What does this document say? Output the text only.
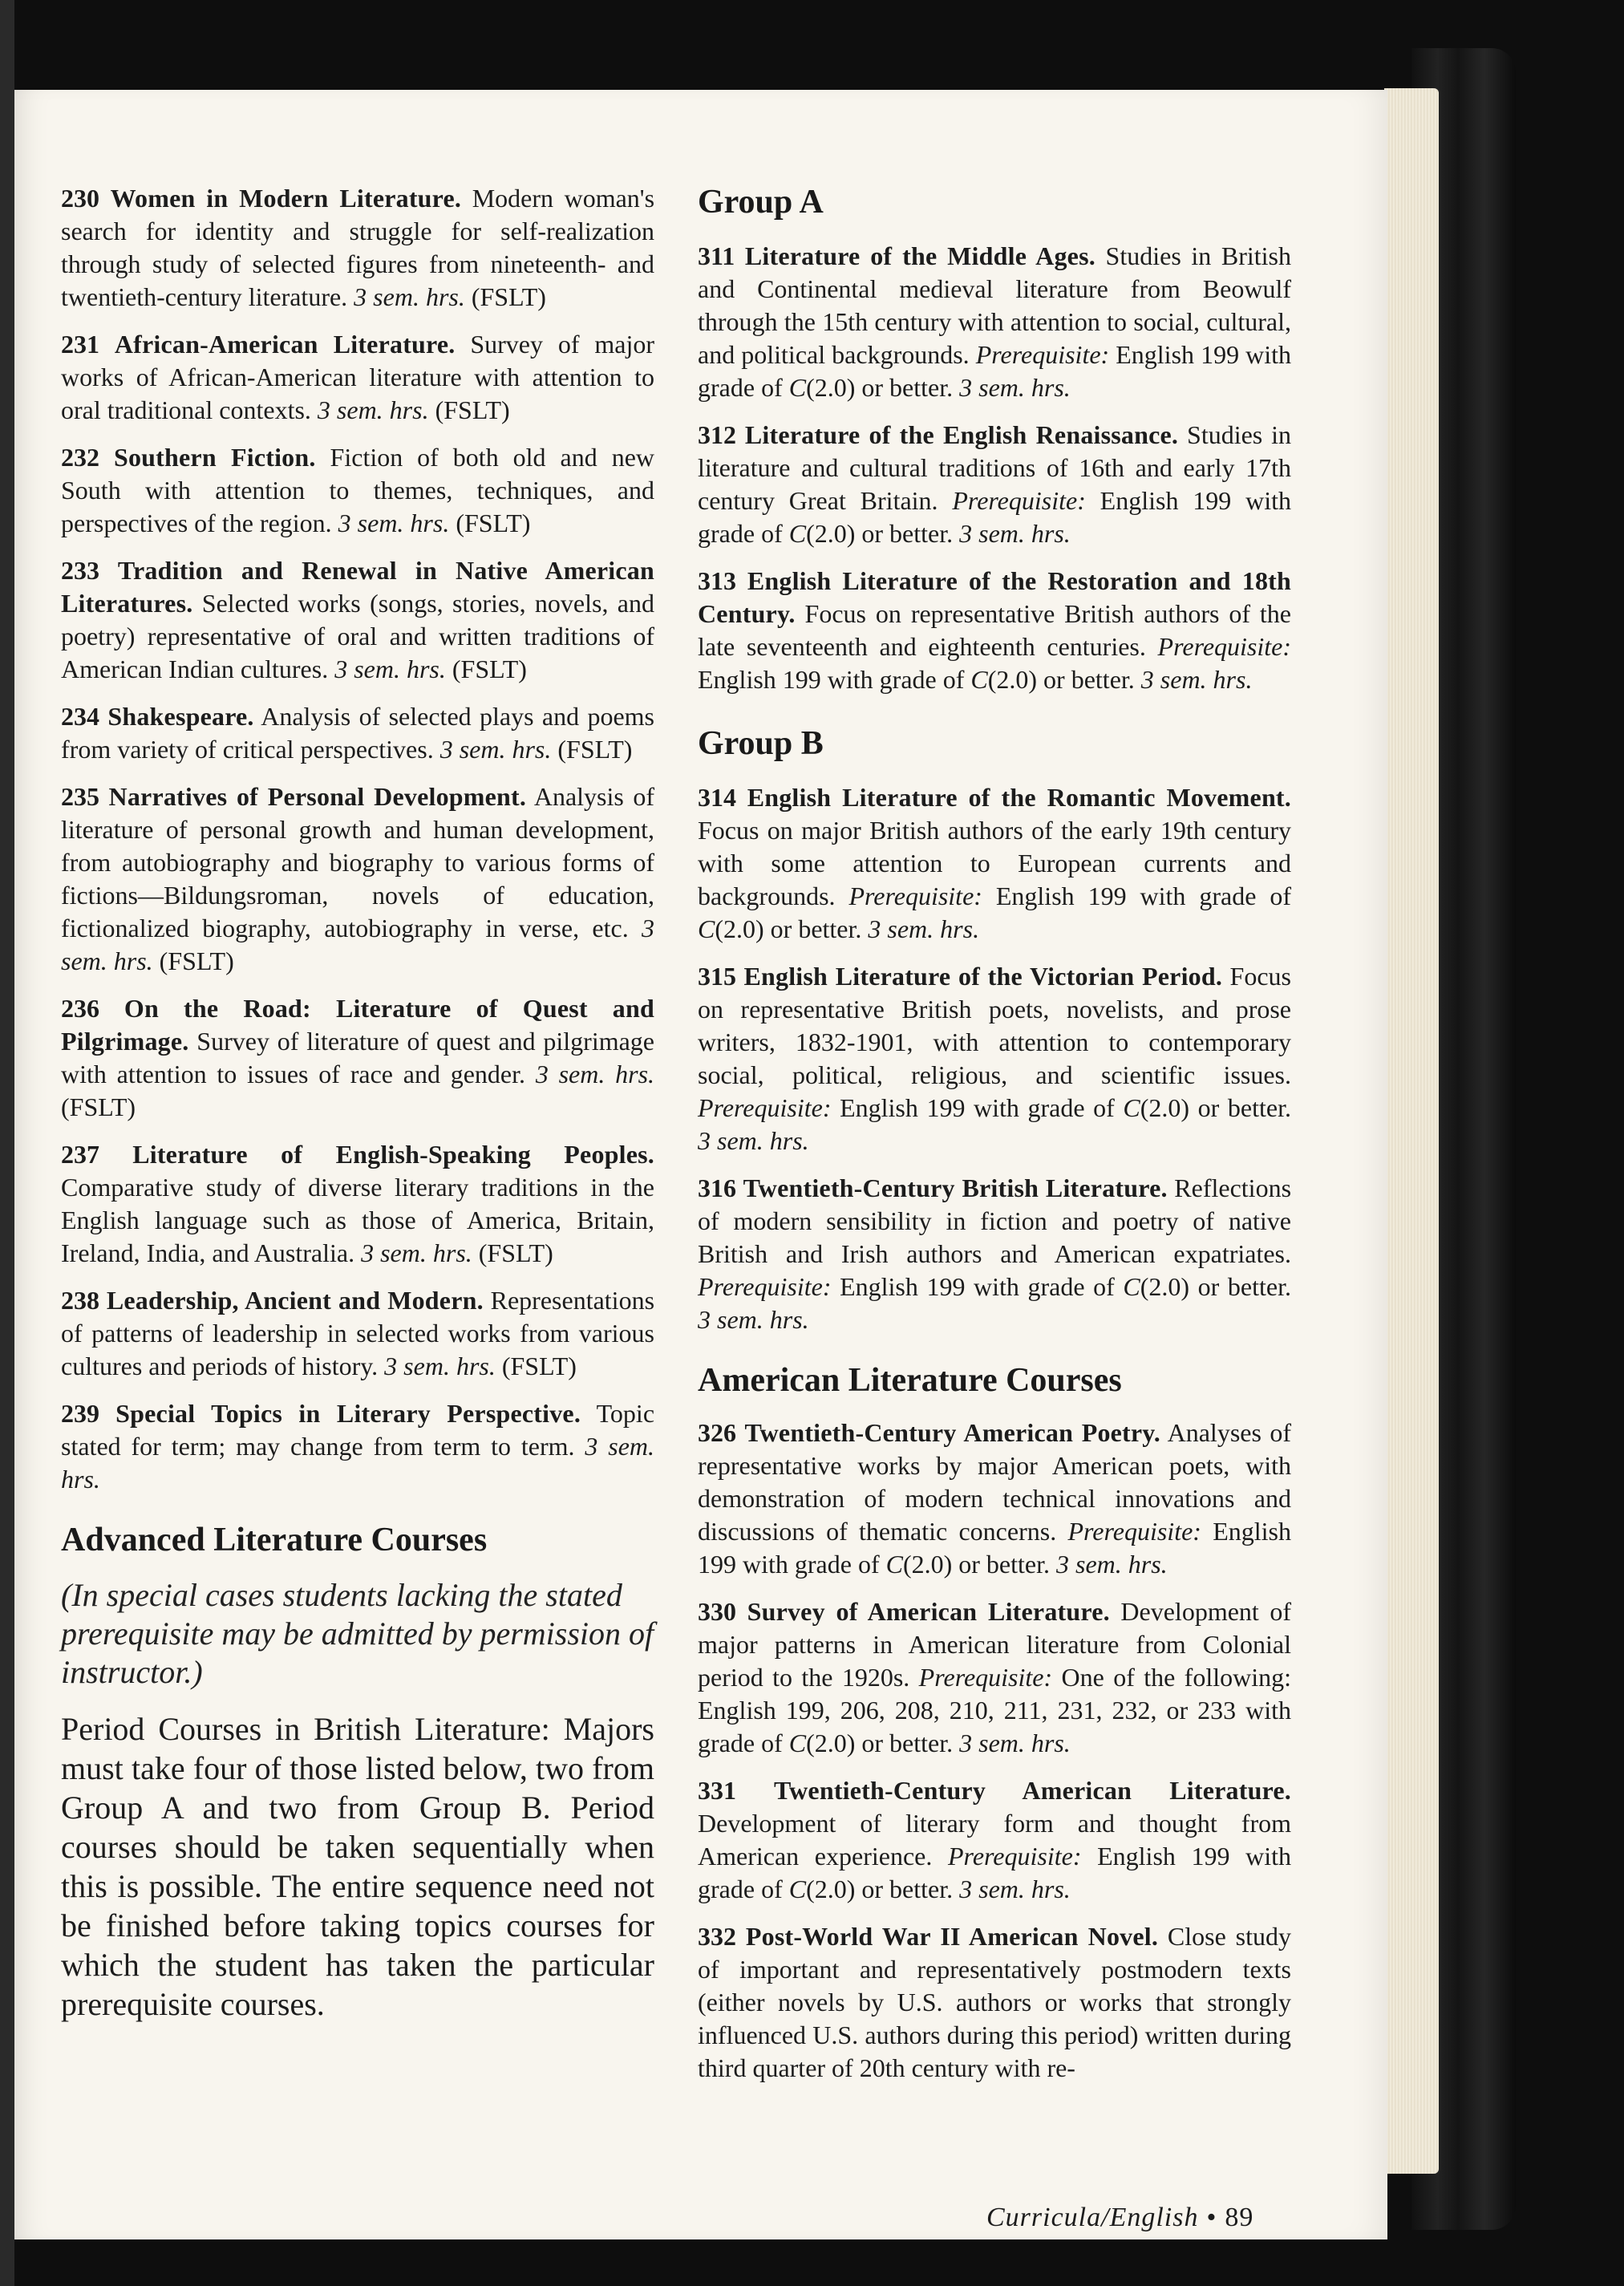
230 Women in Modern Literature. Modern woman's search for identity and struggle for self-realization through study of selected figures from nineteenth- and twentieth-century literature. 3 sem. hrs. (FSLT)

231 African-American Literature. Survey of major works of African-American literature with attention to oral traditional contexts. 3 sem. hrs. (FSLT)

232 Southern Fiction. Fiction of both old and new South with attention to themes, techniques, and perspectives of the region. 3 sem. hrs. (FSLT)

233 Tradition and Renewal in Native American Literatures. Selected works (songs, stories, novels, and poetry) representative of oral and written traditions of American Indian cultures. 3 sem. hrs. (FSLT)

234 Shakespeare. Analysis of selected plays and poems from variety of critical perspectives. 3 sem. hrs. (FSLT)

235 Narratives of Personal Development. Analysis of literature of personal growth and human development, from autobiography and biography to various forms of fictions—Bildungsroman, novels of education, fictionalized biography, autobiography in verse, etc. 3 sem. hrs. (FSLT)

236 On the Road: Literature of Quest and Pilgrimage. Survey of literature of quest and pilgrimage with attention to issues of race and gender. 3 sem. hrs. (FSLT)

237 Literature of English-Speaking Peoples. Comparative study of diverse literary traditions in the English language such as those of America, Britain, Ireland, India, and Australia. 3 sem. hrs. (FSLT)

238 Leadership, Ancient and Modern. Representations of patterns of leadership in selected works from various cultures and periods of history. 3 sem. hrs. (FSLT)

239 Special Topics in Literary Perspective. Topic stated for term; may change from term to term. 3 sem. hrs.

Advanced Literature Courses

(In special cases students lacking the stated prerequisite may be admitted by permission of instructor.)

Period Courses in British Literature: Majors must take four of those listed below, two from Group A and two from Group B. Period courses should be taken sequentially when this is possible. The entire sequence need not be finished before taking topics courses for which the student has taken the particular prerequisite courses.

Group A

311 Literature of the Middle Ages. Studies in British and Continental medieval literature from Beowulf through the 15th century with attention to social, cultural, and political backgrounds. Prerequisite: English 199 with grade of C(2.0) or better. 3 sem. hrs.

312 Literature of the English Renaissance. Studies in literature and cultural traditions of 16th and early 17th century Great Britain. Prerequisite: English 199 with grade of C(2.0) or better. 3 sem. hrs.

313 English Literature of the Restoration and 18th Century. Focus on representative British authors of the late seventeenth and eighteenth centuries. Prerequisite: English 199 with grade of C(2.0) or better. 3 sem. hrs.

Group B

314 English Literature of the Romantic Movement. Focus on major British authors of the early 19th century with some attention to European currents and backgrounds. Prerequisite: English 199 with grade of C(2.0) or better. 3 sem. hrs.

315 English Literature of the Victorian Period. Focus on representative British poets, novelists, and prose writers, 1832-1901, with attention to contemporary social, political, religious, and scientific issues. Prerequisite: English 199 with grade of C(2.0) or better. 3 sem. hrs.

316 Twentieth-Century British Literature. Reflections of modern sensibility in fiction and poetry of native British and Irish authors and American expatriates. Prerequisite: English 199 with grade of C(2.0) or better. 3 sem. hrs.

American Literature Courses

326 Twentieth-Century American Poetry. Analyses of representative works by major American poets, with demonstration of modern technical innovations and discussions of thematic concerns. Prerequisite: English 199 with grade of C(2.0) or better. 3 sem. hrs.

330 Survey of American Literature. Development of major patterns in American literature from Colonial period to the 1920s. Prerequisite: One of the following: English 199, 206, 208, 210, 211, 231, 232, or 233 with grade of C(2.0) or better. 3 sem. hrs.

331 Twentieth-Century American Literature. Development of literary form and thought from American experience. Prerequisite: English 199 with grade of C(2.0) or better. 3 sem. hrs.

332 Post-World War II American Novel. Close study of important and representatively postmodern texts (either novels by U.S. authors or works that strongly influenced U.S. authors during this period) written during third quarter of 20th century with re-

Curricula/English • 89
